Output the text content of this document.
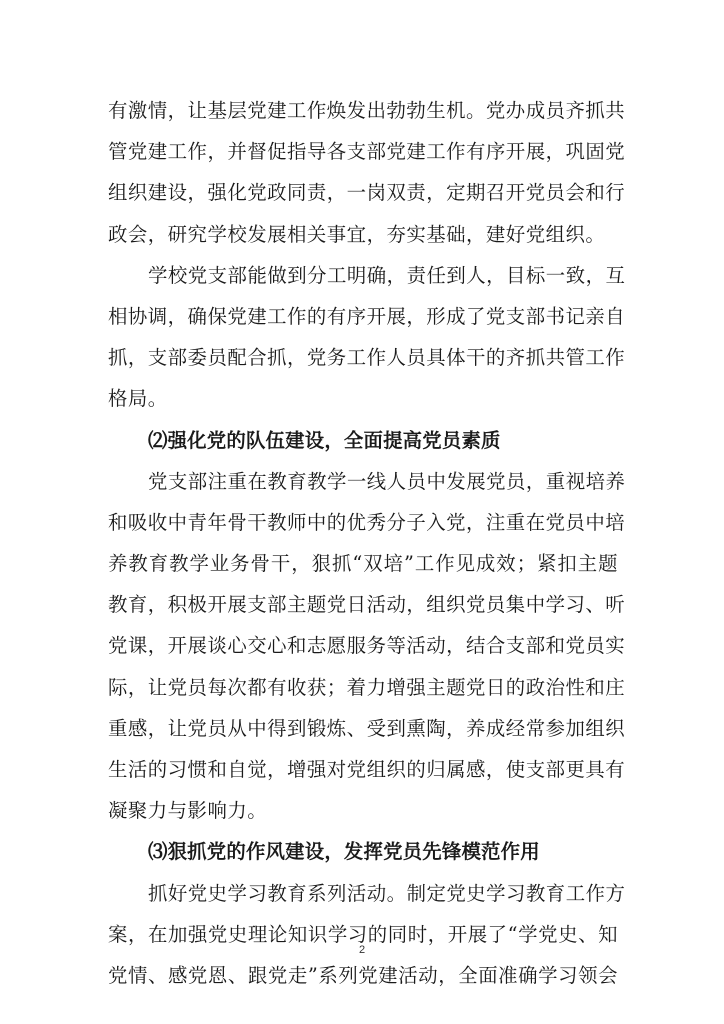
有激情，让基层党建工作焕发出勃勃生机。党办成员齐抓共
管党建工作，并督促指导各支部党建工作有序开展，巩固党
组织建设，强化党政同责，一岗双责，定期召开党员会和行
政会，研究学校发展相关事宜，夯实基础，建好党组织。
学校党支部能做到分工明确，责任到人，目标一致，互
相协调，确保党建工作的有序开展，形成了党支部书记亲自
抓，支部委员配合抓，党务工作人员具体干的齐抓共管工作
格局。
⑵强化党的队伍建设，全面提高党员素质
党支部注重在教育教学一线人员中发展党员，重视培养
和吸收中青年骨干教师中的优秀分子入党，注重在党员中培
养教育教学业务骨干，狠抓“双培”工作见成效；紧扣主题
教育，积极开展支部主题党日活动，组织党员集中学习、听
党课，开展谈心交心和志愿服务等活动，结合支部和党员实
际，让党员每次都有收获；着力增强主题党日的政治性和庄
重感，让党员从中得到锻炼、受到熏陶，养成经常参加组织
生活的习惯和自觉，增强对党组织的归属感，使支部更具有
凝聚力与影响力。
⑶狠抓党的作风建设，发挥党员先锋模范作用
抓好党史学习教育系列活动。制定党史学习教育工作方
案，在加强党史理论知识学习的同时，开展了“学党史、知
党情、感党恩、跟党走”系列党建活动，全面准确学习领会
2
